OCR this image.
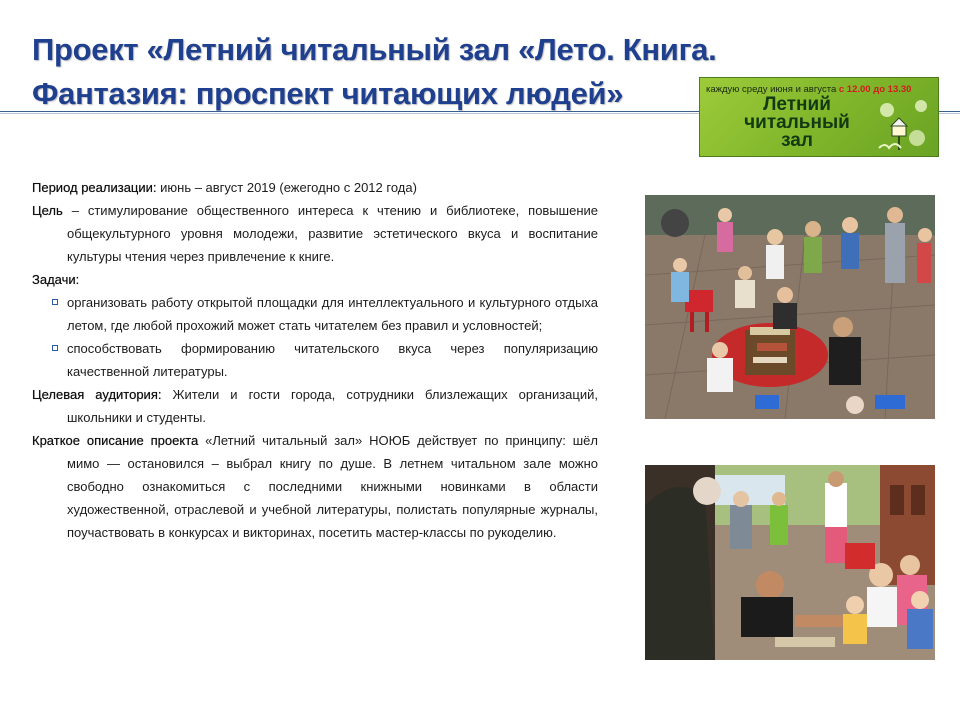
Проект «Летний читальный зал «Лето. Книга.
Фантазия: проспект читающих людей»	каждую среду июня и августа с 12.00 до 13.30
Летний
читальный
зал

Период реализации: июнь – август 2019 (ежегодно с 2012 года)

Цель – стимулирование общественного интереса к чтению и библиотеке, повышение общекультурного уровня молодежи, развитие эстетического вкуса и воспитание культуры чтения через привлечение к книге.

Задачи:

организовать работу открытой площадки для интеллектуального и культурного отдыха летом, где любой прохожий может стать читателем без правил и условностей;

способствовать формированию читательского вкуса через популяризацию качественной литературы.

Целевая аудитория: Жители и гости города, сотрудники близлежащих организаций, школьники и студенты.

Краткое описание проекта «Летний читальный зал» НОЮБ действует по принципу: шёл мимо — остановился – выбрал книгу по душе. В летнем читальном зале можно свободно ознакомиться с последними книжными новинками в области художественной, отраслевой и учебной литературы, полистать популярные журналы, поучаствовать в конкурсах и викторинах, посетить мастер-классы по рукоделию.
